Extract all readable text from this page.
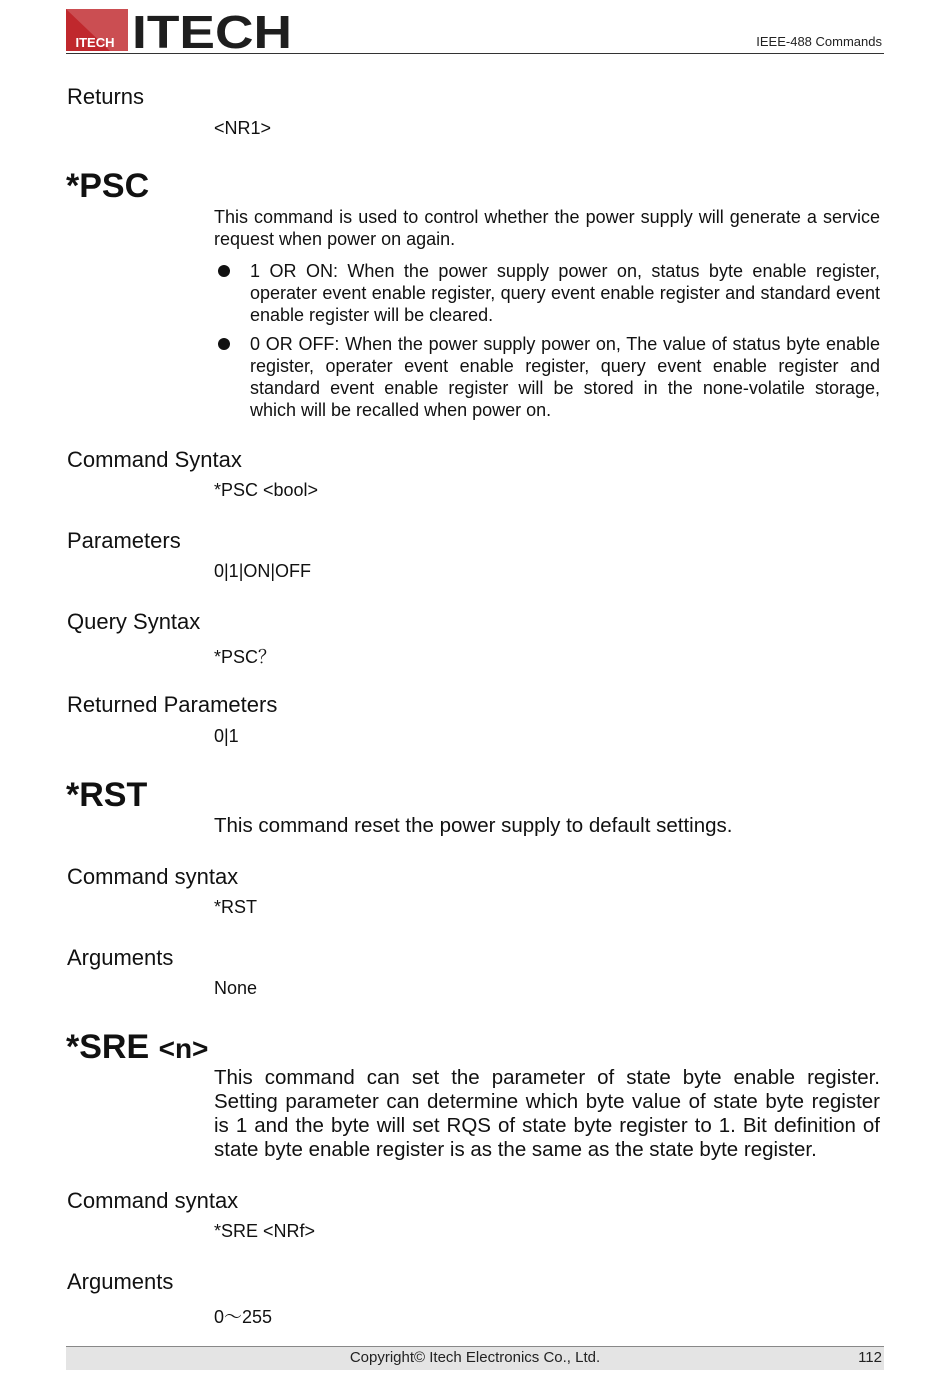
ITECH ITECH	IEEE-488 Commands
Returns
<NR1>
*PSC
This command is used to control whether the power supply will generate a service request when power on again.
1 OR ON: When the power supply power on, status byte enable register, operater event enable register, query event enable register and standard event enable register will be cleared.
0 OR OFF: When the power supply power on, The value of status byte enable register, operater event enable register, query event enable register and standard event enable register will be stored in the none-volatile storage, which will be recalled when power on.
Command Syntax
*PSC <bool>
Parameters
0|1|ON|OFF
Query Syntax
*PSC？
Returned Parameters
0|1
*RST
This command reset the power supply to default settings.
Command syntax
*RST
Arguments
None
*SRE <n>
This command can set the parameter of state byte enable register. Setting parameter can determine which byte value of state byte register is 1 and the byte will set RQS of state byte register to 1. Bit definition of state byte enable register is as the same as the state byte register.
Command syntax
*SRE <NRf>
Arguments
0～255
Copyright© Itech Electronics Co., Ltd.	112
